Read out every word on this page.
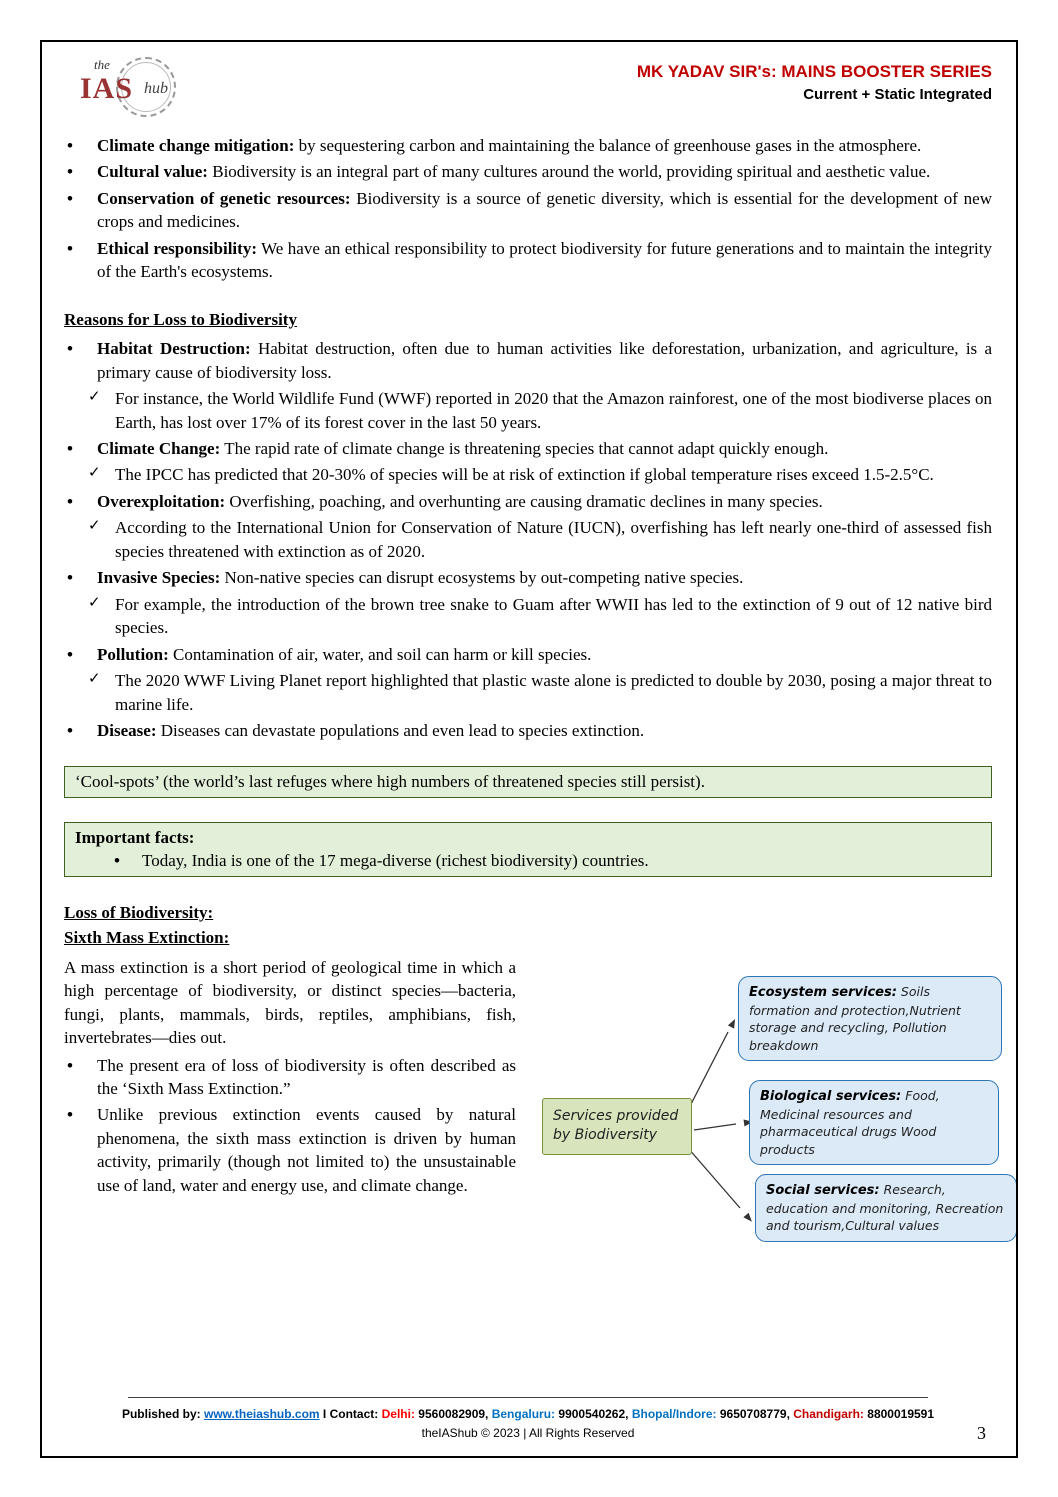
the
IAS hub
MK YADAV SIR's: MAINS BOOSTER SERIES
Current + Static Integrated
• Climate change mitigation: by sequestering carbon and maintaining the balance of greenhouse gases in the atmosphere.
• Cultural value: Biodiversity is an integral part of many cultures around the world, providing spiritual and aesthetic value.
• Conservation of genetic resources: Biodiversity is a source of genetic diversity, which is essential for the development of new crops and medicines.
• Ethical responsibility: We have an ethical responsibility to protect biodiversity for future generations and to maintain the integrity of the Earth's ecosystems.
Reasons for Loss to Biodiversity
• Habitat Destruction: Habitat destruction, often due to human activities like deforestation, urbanization, and agriculture, is a primary cause of biodiversity loss.
✓ For instance, the World Wildlife Fund (WWF) reported in 2020 that the Amazon rainforest, one of the most biodiverse places on Earth, has lost over 17% of its forest cover in the last 50 years.
• Climate Change: The rapid rate of climate change is threatening species that cannot adapt quickly enough.
✓ The IPCC has predicted that 20-30% of species will be at risk of extinction if global temperature rises exceed 1.5-2.5°C.
• Overexploitation: Overfishing, poaching, and overhunting are causing dramatic declines in many species.
✓ According to the International Union for Conservation of Nature (IUCN), overfishing has left nearly one-third of assessed fish species threatened with extinction as of 2020.
• Invasive Species: Non-native species can disrupt ecosystems by out-competing native species.
✓ For example, the introduction of the brown tree snake to Guam after WWII has led to the extinction of 9 out of 12 native bird species.
• Pollution: Contamination of air, water, and soil can harm or kill species.
✓ The 2020 WWF Living Planet report highlighted that plastic waste alone is predicted to double by 2030, posing a major threat to marine life.
• Disease: Diseases can devastate populations and even lead to species extinction.
‘Cool-spots’ (the world’s last refuges where high numbers of threatened species still persist).
Important facts:
• Today, India is one of the 17 mega-diverse (richest biodiversity) countries.
Loss of Biodiversity:
Sixth Mass Extinction:

A mass extinction is a short period of geological time in which a high percentage of biodiversity, or distinct species—bacteria, fungi, plants, mammals, birds, reptiles, amphibians, fish, invertebrates—dies out.

• The present era of loss of biodiversity is often described as the ‘Sixth Mass Extinction.”
• Unlike previous extinction events caused by natural phenomena, the sixth mass extinction is driven by human activity, primarily (though not limited to) the unsustainable use of land, water and energy use, and climate change.
Services provided by Biodiversity
Ecosystem services: Soils formation and protection,Nutrient storage and recycling, Pollution breakdown
Biological services: Food, Medicinal resources and pharmaceutical drugs Wood products
Social services: Research, education and monitoring, Recreation and tourism,Cultural values
Published by: www.theiashub.com I Contact: Delhi: 9560082909, Bengaluru: 9900540262, Bhopal/Indore: 9650708779, Chandigarh: 8800019591
theIAShub © 2023 | All Rights Reserved	3
